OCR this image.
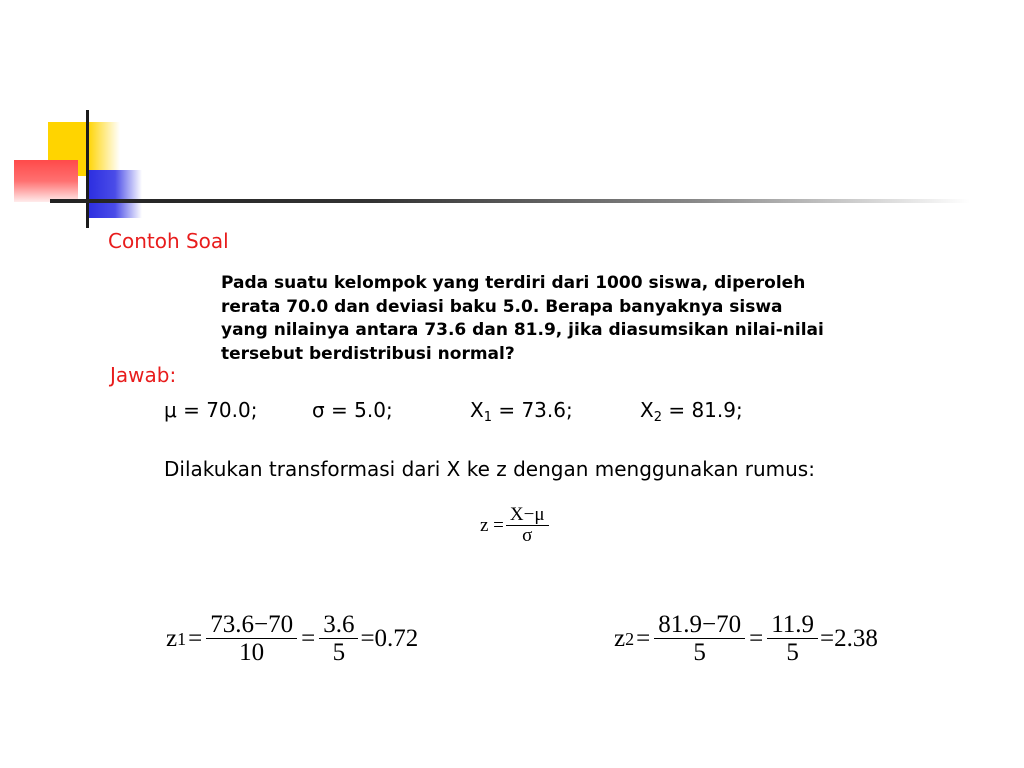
Contoh Soal
Pada suatu kelompok yang terdiri dari 1000 siswa, diperoleh
rerata 70.0 dan deviasi baku 5.0. Berapa banyaknya siswa
yang nilainya antara 73.6 dan 81.9, jika diasumsikan nilai-nilai
tersebut berdistribusi normal?
Jawab:
μ = 70.0;	σ = 5.0;	$X_1 = 73.6$;	$X_2 = 81.9$;
Dilakukan transformasi dari X ke z dengan menggunakan rumus:
$z = \frac{X-\mu}{\sigma}$
z $1 = \frac{73.6-70}{10} = \frac{3.6}{5} =0.72$	z $2 = \frac{81.9-70}{5} = \frac{11.9}{5} =2.38$
